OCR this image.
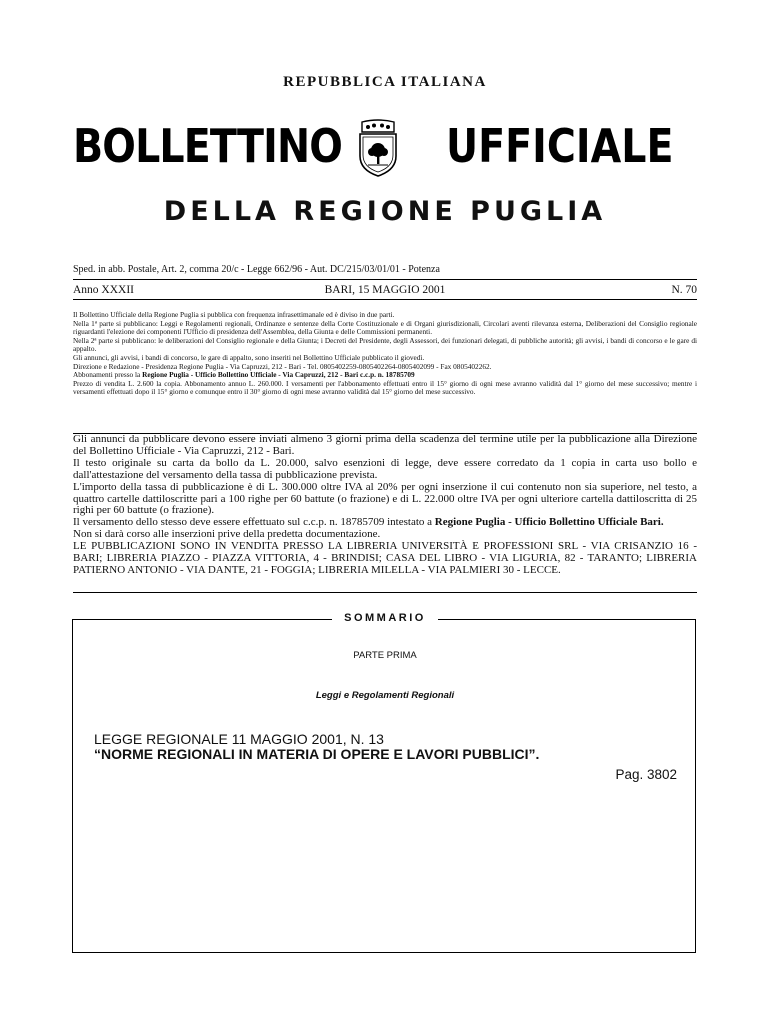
REPUBBLICA ITALIANA
BOLLETTINO UFFICIALE
DELLA REGIONE PUGLIA
Sped. in abb. Postale, Art. 2, comma 20/c - Legge 662/96 - Aut. DC/215/03/01/01 - Potenza
Anno XXXII	BARI, 15 MAGGIO 2001	N. 70

Il Bollettino Ufficiale della Regione Puglia si pubblica con frequenza infrasettimanale ed è diviso in due parti.

Nella 1ª parte si pubblicano: Leggi e Regolamenti regionali, Ordinanze e sentenze della Corte Costituzionale e di Organi giurisdizionali, Circolari aventi rilevanza esterna, Deliberazioni del Consiglio regionale riguardanti l'elezione dei componenti l'Ufficio di presidenza dell'Assemblea, della Giunta e delle Commissioni permanenti.

Nella 2ª parte si pubblicano: le deliberazioni del Consiglio regionale e della Giunta; i Decreti del Presidente, degli Assessori, dei funzionari delegati, di pubbliche autorità; gli avvisi, i bandi di concorso e le gare di appalto.

Gli annunci, gli avvisi, i bandi di concorso, le gare di appalto, sono inseriti nel Bollettino Ufficiale pubblicato il giovedì.

Direzione e Redazione - Presidenza Regione Puglia - Via Capruzzi, 212 - Bari - Tel. 0805402259-0805402264-0805402099 - Fax 0805402262.

Abbonamenti presso la Regione Puglia - Ufficio Bollettino Ufficiale - Via Capruzzi, 212 - Bari c.c.p. n. 18785709

Prezzo di vendita L. 2.600 la copia. Abbonamento annuo L. 260.000. I versamenti per l'abbonamento effettuati entro il 15° giorno di ogni mese avranno validità dal 1° giorno del mese successivo; mentre i versamenti effettuati dopo il 15° giorno e comunque entro il 30° giorno di ogni mese avranno validità dal 15° giorno del mese successivo.

Gli annunci da pubblicare devono essere inviati almeno 3 giorni prima della scadenza del termine utile per la pubblicazione alla Direzione del Bollettino Ufficiale - Via Capruzzi, 212 - Bari.

Il testo originale su carta da bollo da L. 20.000, salvo esenzioni di legge, deve essere corredato da 1 copia in carta uso bollo e dall'attestazione del versamento della tassa di pubblicazione prevista.

L'importo della tassa di pubblicazione è di L. 300.000 oltre IVA al 20% per ogni inserzione il cui contenuto non sia superiore, nel testo, a quattro cartelle dattiloscritte pari a 100 righe per 60 battute (o frazione) e di L. 22.000 oltre IVA per ogni ulteriore cartella dattiloscritta di 25 righi per 60 battute (o frazione).

Il versamento dello stesso deve essere effettuato sul c.c.p. n. 18785709 intestato a Regione Puglia - Ufficio Bollettino Ufficiale Bari.

Non si darà corso alle inserzioni prive della predetta documentazione.

LE PUBBLICAZIONI SONO IN VENDITA PRESSO LA LIBRERIA UNIVERSITÀ E PROFESSIONI SRL - VIA CRISANZIO 16 - BARI; LIBRERIA PIAZZO - PIAZZA VITTORIA, 4 - BRINDISI; CASA DEL LIBRO - VIA LIGURIA, 82 - TARANTO; LIBRERIA PATIERNO ANTONIO - VIA DANTE, 21 - FOGGIA; LIBRERIA MILELLA - VIA PALMIERI 30 - LECCE.

SOMMARIO
PARTE PRIMA
Leggi e Regolamenti Regionali
LEGGE REGIONALE 11 MAGGIO 2001, N. 13
“NORME REGIONALI IN MATERIA DI OPERE E LAVORI PUBBLICI”.
Pag. 3802
